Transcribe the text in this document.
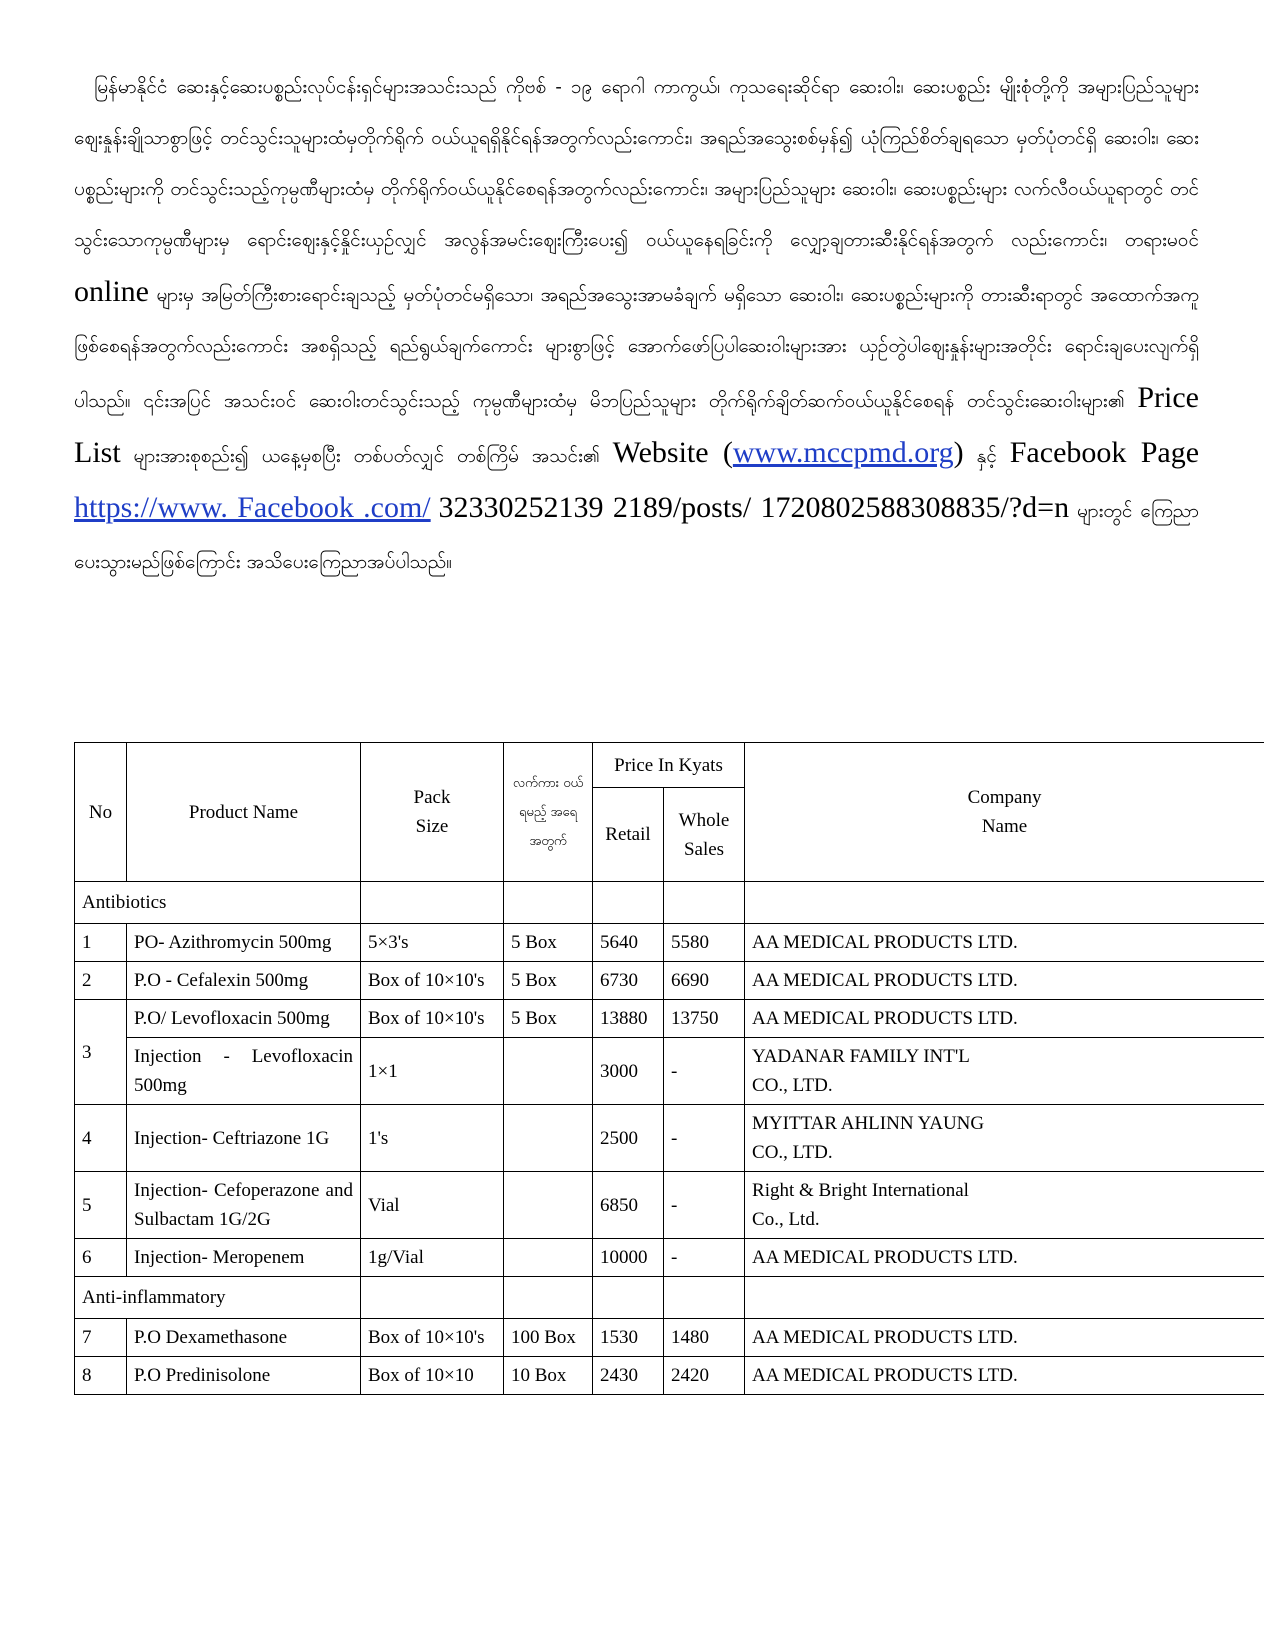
မြန်မာနိုင်ငံ ဆေးနှင့်ဆေးပစ္စည်းလုပ်ငန်းရှင်များအသင်းသည် ကိုဗစ် - ၁၉ ရောဂါ ကာကွယ်၊ ကုသရေးဆိုင်ရာ ဆေးဝါး၊ ဆေးပစ္စည်း မျိုးစုံတို့ကို အများပြည်သူများဈေးနှုန်းချိုသာစွာဖြင့် တင်သွင်းသူများထံမှတိုက်ရိုက် ဝယ်ယူရရှိနိုင်ရန်အတွက်လည်းကောင်း၊ အရည်အသွေးစစ်မှန်၍ ယုံကြည်စိတ်ချရသော မှတ်ပုံတင်ရှိ ဆေးဝါး၊ ဆေးပစ္စည်းများကို တင်သွင်းသည့်ကုမ္ပဏီများထံမှ တိုက်ရိုက်ဝယ်ယူနိုင်စေရန်အတွက်လည်းကောင်း၊ အများပြည်သူများ ဆေးဝါး၊ ဆေးပစ္စည်းများ လက်လီဝယ်ယူရာတွင် တင်သွင်းသောကုမ္ပဏီများမှ ရောင်းဈေးနှင့်နှိုင်းယှဉ်လျှင် အလွန်အမင်းဈေးကြီးပေး၍ ဝယ်ယူနေရခြင်းကို လျှော့ချတားဆီးနိုင်ရန်အတွက် လည်းကောင်း၊ တရားမဝင် online များမှ အမြတ်ကြီးစားရောင်းချသည့် မှတ်ပုံတင်မရှိသော၊ အရည်အသွေးအာမခံချက် မရှိသော ဆေးဝါး၊ ဆေးပစ္စည်းများကို တားဆီးရာတွင် အထောက်အကူဖြစ်စေရန်အတွက်လည်းကောင်း အစရှိသည့် ရည်ရွယ်ချက်ကောင်း များစွာဖြင့် အောက်ဖော်ပြပါဆေးဝါးများအား ယှဉ်တွဲပါဈေးနှုန်းများအတိုင်း ရောင်းချပေးလျက်ရှိပါသည်။ ၎င်းအပြင် အသင်းဝင် ဆေးဝါးတင်သွင်းသည့် ကုမ္ပဏီများထံမှ မိဘပြည်သူများ တိုက်ရိုက်ချိတ်ဆက်ဝယ်ယူနိုင်စေရန် တင်သွင်းဆေးဝါးများ၏ Price List များအားစုစည်း၍ ယနေ့မှစပြီး တစ်ပတ်လျှင် တစ်ကြိမ် အသင်း၏ Website (www.mccpmd.org) နှင့် Facebook Page https://www. Facebook .com/ 32330252139 2189/posts/ 1720802588308835/?d=n များတွင် ကြေညာပေးသွားမည်ဖြစ်ကြောင်း အသိပေးကြေညာအပ်ပါသည်။

No	Product Name	Pack
Size	လက်ကား ဝယ်ရမည့် အရေ အတွက်	Price In Kyats		Company
Name
				Retail	Whole
Sales	
Antibiotics						
1	PO- Azithromycin 500mg	5×3's	5 Box	5640	5580	AA MEDICAL PRODUCTS LTD.
2	P.O - Cefalexin 500mg	Box of 10×10's	5 Box	6730	6690	AA MEDICAL PRODUCTS LTD.
3	P.O/ Levofloxacin 500mg	Box of 10×10's	5 Box	13880	13750	AA MEDICAL PRODUCTS LTD.
	Injection - Levofloxacin 500mg	1×1		3000	-	YADANAR FAMILY INT'L
CO., LTD.
4	Injection- Ceftriazone 1G	1's		2500	-	MYITTAR AHLINN YAUNG
CO., LTD.
5	Injection- Cefoperazone and
Sulbactam 1G/2G	Vial		6850	-	Right & Bright International
Co., Ltd.
6	Injection- Meropenem	1g/Vial		10000	-	AA MEDICAL PRODUCTS LTD.
Anti-inflammatory						
7	P.O Dexamethasone	Box of 10×10's	100 Box	1530	1480	AA MEDICAL PRODUCTS LTD.
8	P.O Predinisolone	Box of 10×10	10 Box	2430	2420	AA MEDICAL PRODUCTS LTD.
